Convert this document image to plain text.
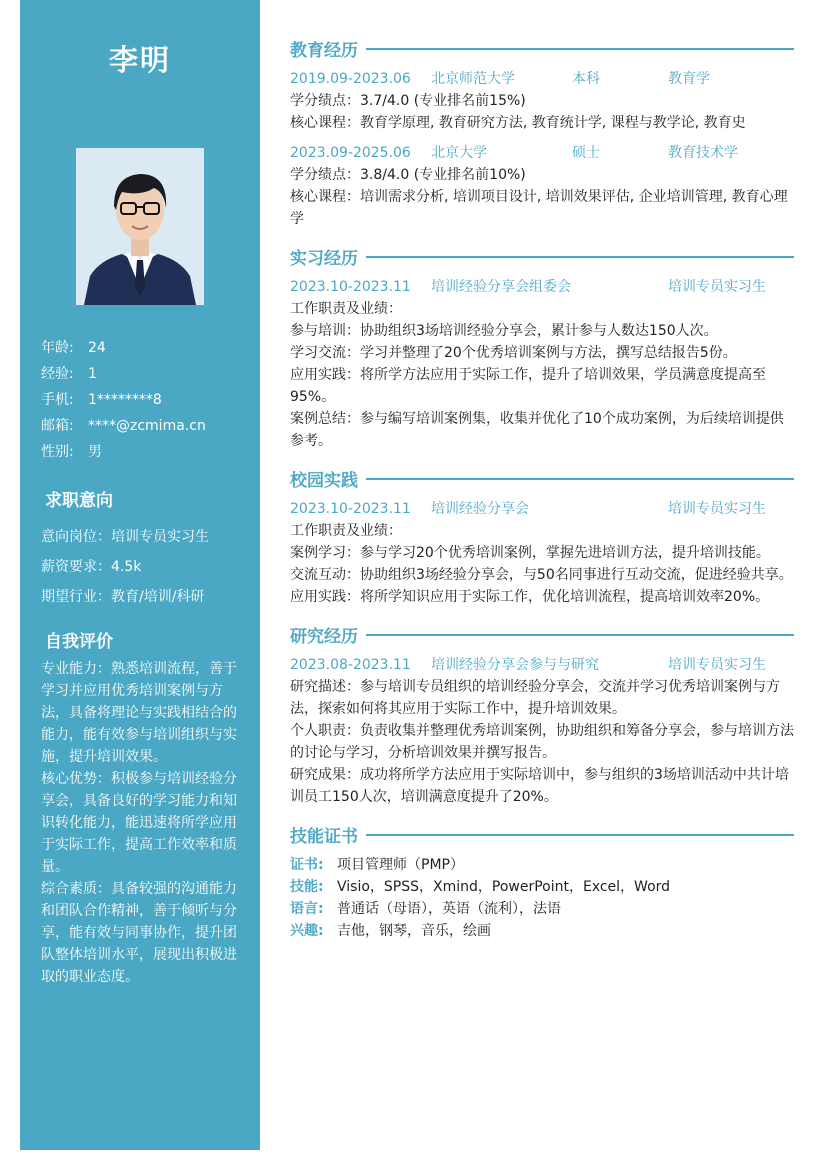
李明
年龄:	24
经验:	1
手机:	1********8
邮箱:	****@zcmima.cn
性别:	男
求职意向
意向岗位：培训专员实习生
薪资要求：4.5k
期望行业：教育/培训/科研
自我评价

专业能力：熟悉培训流程，善于学习并应用优秀培训案例与方法，具备将理论与实践相结合的能力，能有效参与培训组织与实施，提升培训效果。

核心优势：积极参与培训经验分享会，具备良好的学习能力和知识转化能力，能迅速将所学应用于实际工作，提高工作效率和质量。

综合素质：具备较强的沟通能力和团队合作精神，善于倾听与分享，能有效与同事协作，提升团队整体培训水平，展现出积极进取的职业态度。

教育经历
2019.09-2023.06	北京师范大学	本科	教育学
学分绩点：3.7/4.0 (专业排名前15%)
核心课程：教育学原理, 教育研究方法, 教育统计学, 课程与教学论, 教育史
2023.09-2025.06	北京大学	硕士	教育技术学
学分绩点：3.8/4.0 (专业排名前10%)
核心课程：培训需求分析, 培训项目设计, 培训效果评估, 企业培训管理, 教育心理学
实习经历
2023.10-2023.11	培训经验分享会组委会	培训专员实习生
工作职责及业绩：
参与培训：协助组织3场培训经验分享会，累计参与人数达150人次。
学习交流：学习并整理了20个优秀培训案例与方法，撰写总结报告5份。
应用实践：将所学方法应用于实际工作，提升了培训效果，学员满意度提高至95%。
案例总结：参与编写培训案例集，收集并优化了10个成功案例，为后续培训提供参考。
校园实践
2023.10-2023.11	培训经验分享会	培训专员实习生
工作职责及业绩：
案例学习：参与学习20个优秀培训案例，掌握先进培训方法，提升培训技能。
交流互动：协助组织3场经验分享会，与50名同事进行互动交流，促进经验共享。
应用实践：将所学知识应用于实际工作，优化培训流程，提高培训效率20%。
研究经历
2023.08-2023.11	培训经验分享会参与与研究	培训专员实习生
研究描述：参与培训专员组织的培训经验分享会，交流并学习优秀培训案例与方法，探索如何将其应用于实际工作中，提升培训效果。
个人职责：负责收集并整理优秀培训案例，协助组织和筹备分享会，参与培训方法的讨论与学习，分析培训效果并撰写报告。
研究成果：成功将所学方法应用于实际培训中，参与组织的3场培训活动中共计培训员工150人次，培训满意度提升了20%。
技能证书
证书: 项目管理师（PMP）
技能: Visio，SPSS，Xmind，PowerPoint，Excel，Word
语言: 普通话（母语），英语（流利），法语
兴趣: 吉他，钢琴，音乐，绘画
